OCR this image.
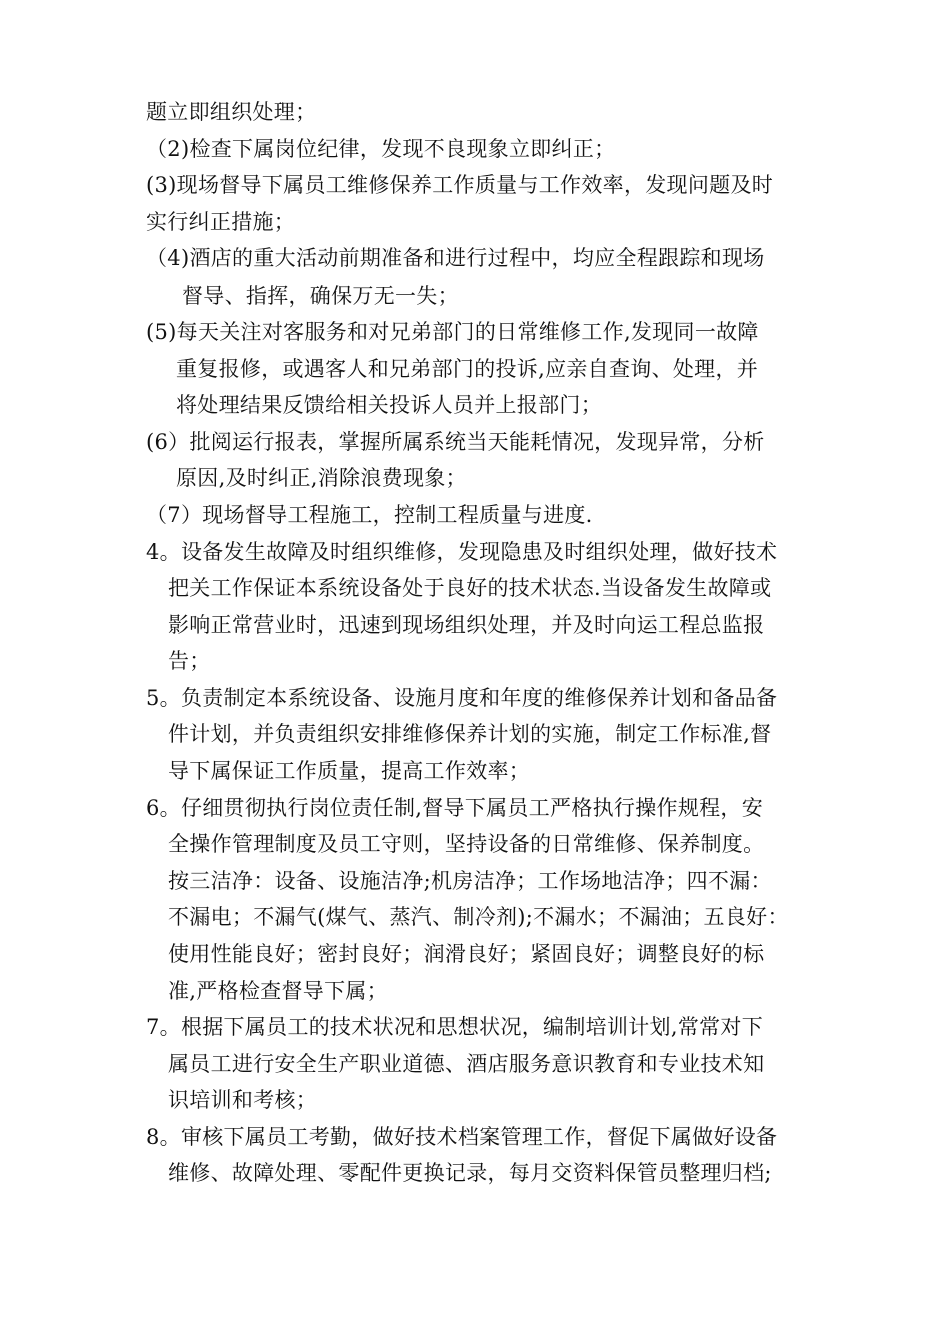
题立即组织处理；
（2)检查下属岗位纪律，发现不良现象立即纠正；
(3)现场督导下属员工维修保养工作质量与工作效率，发现问题及时
实行纠正措施；
（4)酒店的重大活动前期准备和进行过程中，均应全程跟踪和现场
督导、指挥，确保万无一失；
(5)每天关注对客服务和对兄弟部门的日常维修工作,发现同一故障
重复报修，或遇客人和兄弟部门的投诉,应亲自查询、处理，并
将处理结果反馈给相关投诉人员并上报部门；
(6）批阅运行报表，掌握所属系统当天能耗情况，发现异常，分析
原因,及时纠正,消除浪费现象；
（7）现场督导工程施工，控制工程质量与进度.
4。设备发生故障及时组织维修，发现隐患及时组织处理，做好技术
把关工作保证本系统设备处于良好的技术状态.当设备发生故障或
影响正常营业时，迅速到现场组织处理，并及时向运工程总监报
告；
5。负责制定本系统设备、设施月度和年度的维修保养计划和备品备
件计划，并负责组织安排维修保养计划的实施，制定工作标准,督
导下属保证工作质量，提高工作效率；
6。仔细贯彻执行岗位责任制,督导下属员工严格执行操作规程，安
全操作管理制度及员工守则，坚持设备的日常维修、保养制度。
按三洁净：设备、设施洁净;机房洁净；工作场地洁净；四不漏：
不漏电；不漏气(煤气、蒸汽、制冷剂);不漏水；不漏油；五良好：
使用性能良好；密封良好；润滑良好；紧固良好；调整良好的标
准,严格检查督导下属；
7。根据下属员工的技术状况和思想状况，编制培训计划,常常对下
属员工进行安全生产职业道德、酒店服务意识教育和专业技术知
识培训和考核；
8。审核下属员工考勤，做好技术档案管理工作，督促下属做好设备
维修、故障处理、零配件更换记录，每月交资料保管员整理归档;
